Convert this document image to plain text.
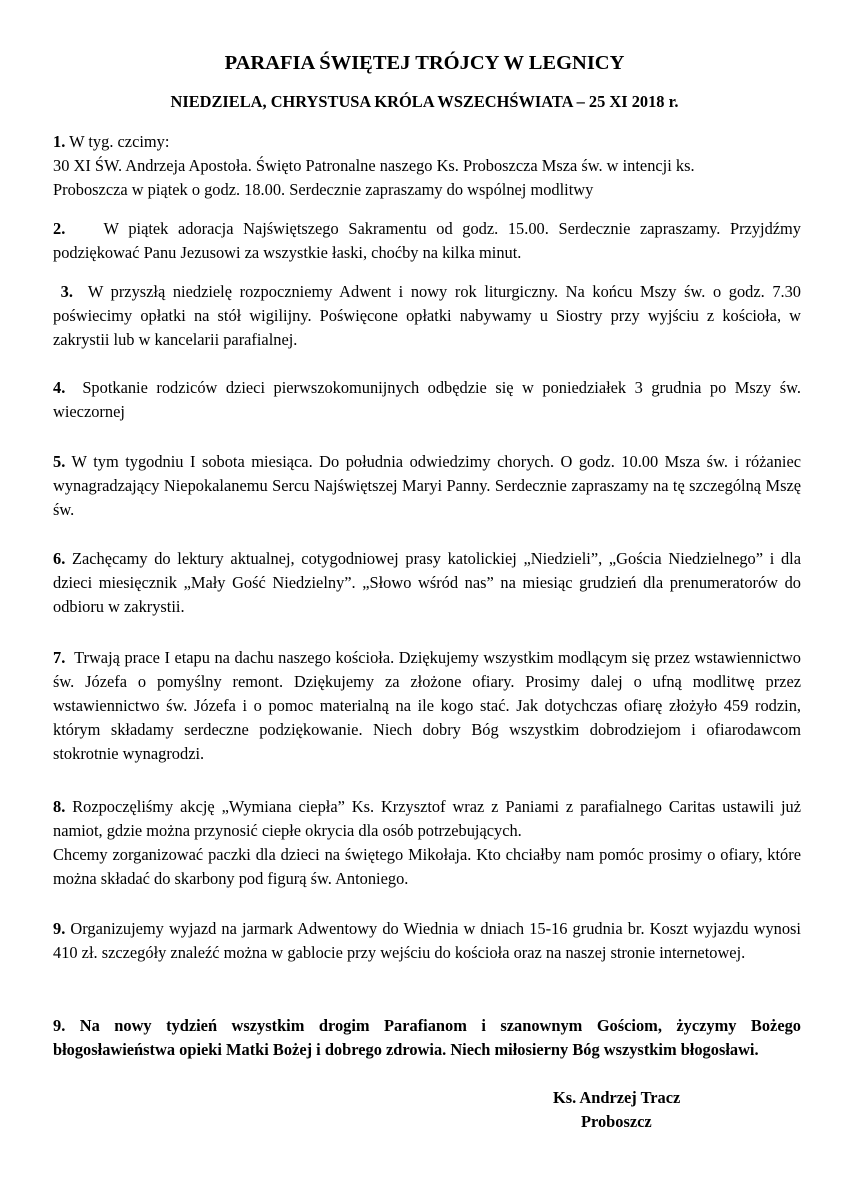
PARAFIA ŚWIĘTEJ TRÓJCY W LEGNICY
NIEDZIELA, CHRYSTUSA KRÓLA WSZECHŚWIATA – 25 XI 2018 r.

1. W tyg. czcimy:

30 XI ŚW. Andrzeja Apostoła. Święto Patronalne naszego Ks. Proboszcza Msza św. w intencji ks.

Proboszcza w piątek o godz. 18.00. Serdecznie zapraszamy do wspólnej modlitwy

2. W piątek adoracja Najświętszego Sakramentu od godz. 15.00. Serdecznie zapraszamy. Przyjdźmy podziękować Panu Jezusowi za wszystkie łaski, choćby na kilka minut.

3. W przyszłą niedzielę rozpoczniemy Adwent i nowy rok liturgiczny. Na końcu Mszy św. o godz. 7.30 poświecimy opłatki na stół wigilijny. Poświęcone opłatki nabywamy u Siostry przy wyjściu z kościoła, w zakrystii lub w kancelarii parafialnej.

4. Spotkanie rodziców dzieci pierwszokomunijnych odbędzie się w poniedziałek 3 grudnia po Mszy św. wieczornej

5. W tym tygodniu I sobota miesiąca. Do południa odwiedzimy chorych. O godz. 10.00 Msza św. i różaniec wynagradzający Niepokalanemu Sercu Najświętszej Maryi Panny. Serdecznie zapraszamy na tę szczególną Mszę św.

6. Zachęcamy do lektury aktualnej, cotygodniowej prasy katolickiej „Niedzieli”, „Gościa Niedzielnego” i dla dzieci miesięcznik „Mały Gość Niedzielny”. „Słowo wśród nas” na miesiąc grudzień dla prenumeratorów do odbioru w zakrystii.

7. Trwają prace I etapu na dachu naszego kościoła. Dziękujemy wszystkim modlącym się przez wstawiennictwo św. Józefa o pomyślny remont. Dziękujemy za złożone ofiary. Prosimy dalej o ufną modlitwę przez wstawiennictwo św. Józefa i o pomoc materialną na ile kogo stać. Jak dotychczas ofiarę złożyło 459 rodzin, którym składamy serdeczne podziękowanie. Niech dobry Bóg wszystkim dobrodziejom i ofiarodawcom stokrotnie wynagrodzi.

8. Rozpoczęliśmy akcję „Wymiana ciepła” Ks. Krzysztof wraz z Paniami z parafialnego Caritas ustawili już namiot, gdzie można przynosić ciepłe okrycia dla osób potrzebujących.

Chcemy zorganizować paczki dla dzieci na świętego Mikołaja. Kto chciałby nam pomóc prosimy o ofiary, które można składać do skarbony pod figurą św. Antoniego.

9. Organizujemy wyjazd na jarmark Adwentowy do Wiednia w dniach 15-16 grudnia br. Koszt wyjazdu wynosi 410 zł. szczegóły znaleźć można w gablocie przy wejściu do kościoła oraz na naszej stronie internetowej.

9. Na nowy tydzień wszystkim drogim Parafianom i szanownym Gościom, życzymy Bożego błogosławieństwa opieki Matki Bożej i dobrego zdrowia. Niech miłosierny Bóg wszystkim błogosławi.
Ks. Andrzej Tracz
Proboszcz
